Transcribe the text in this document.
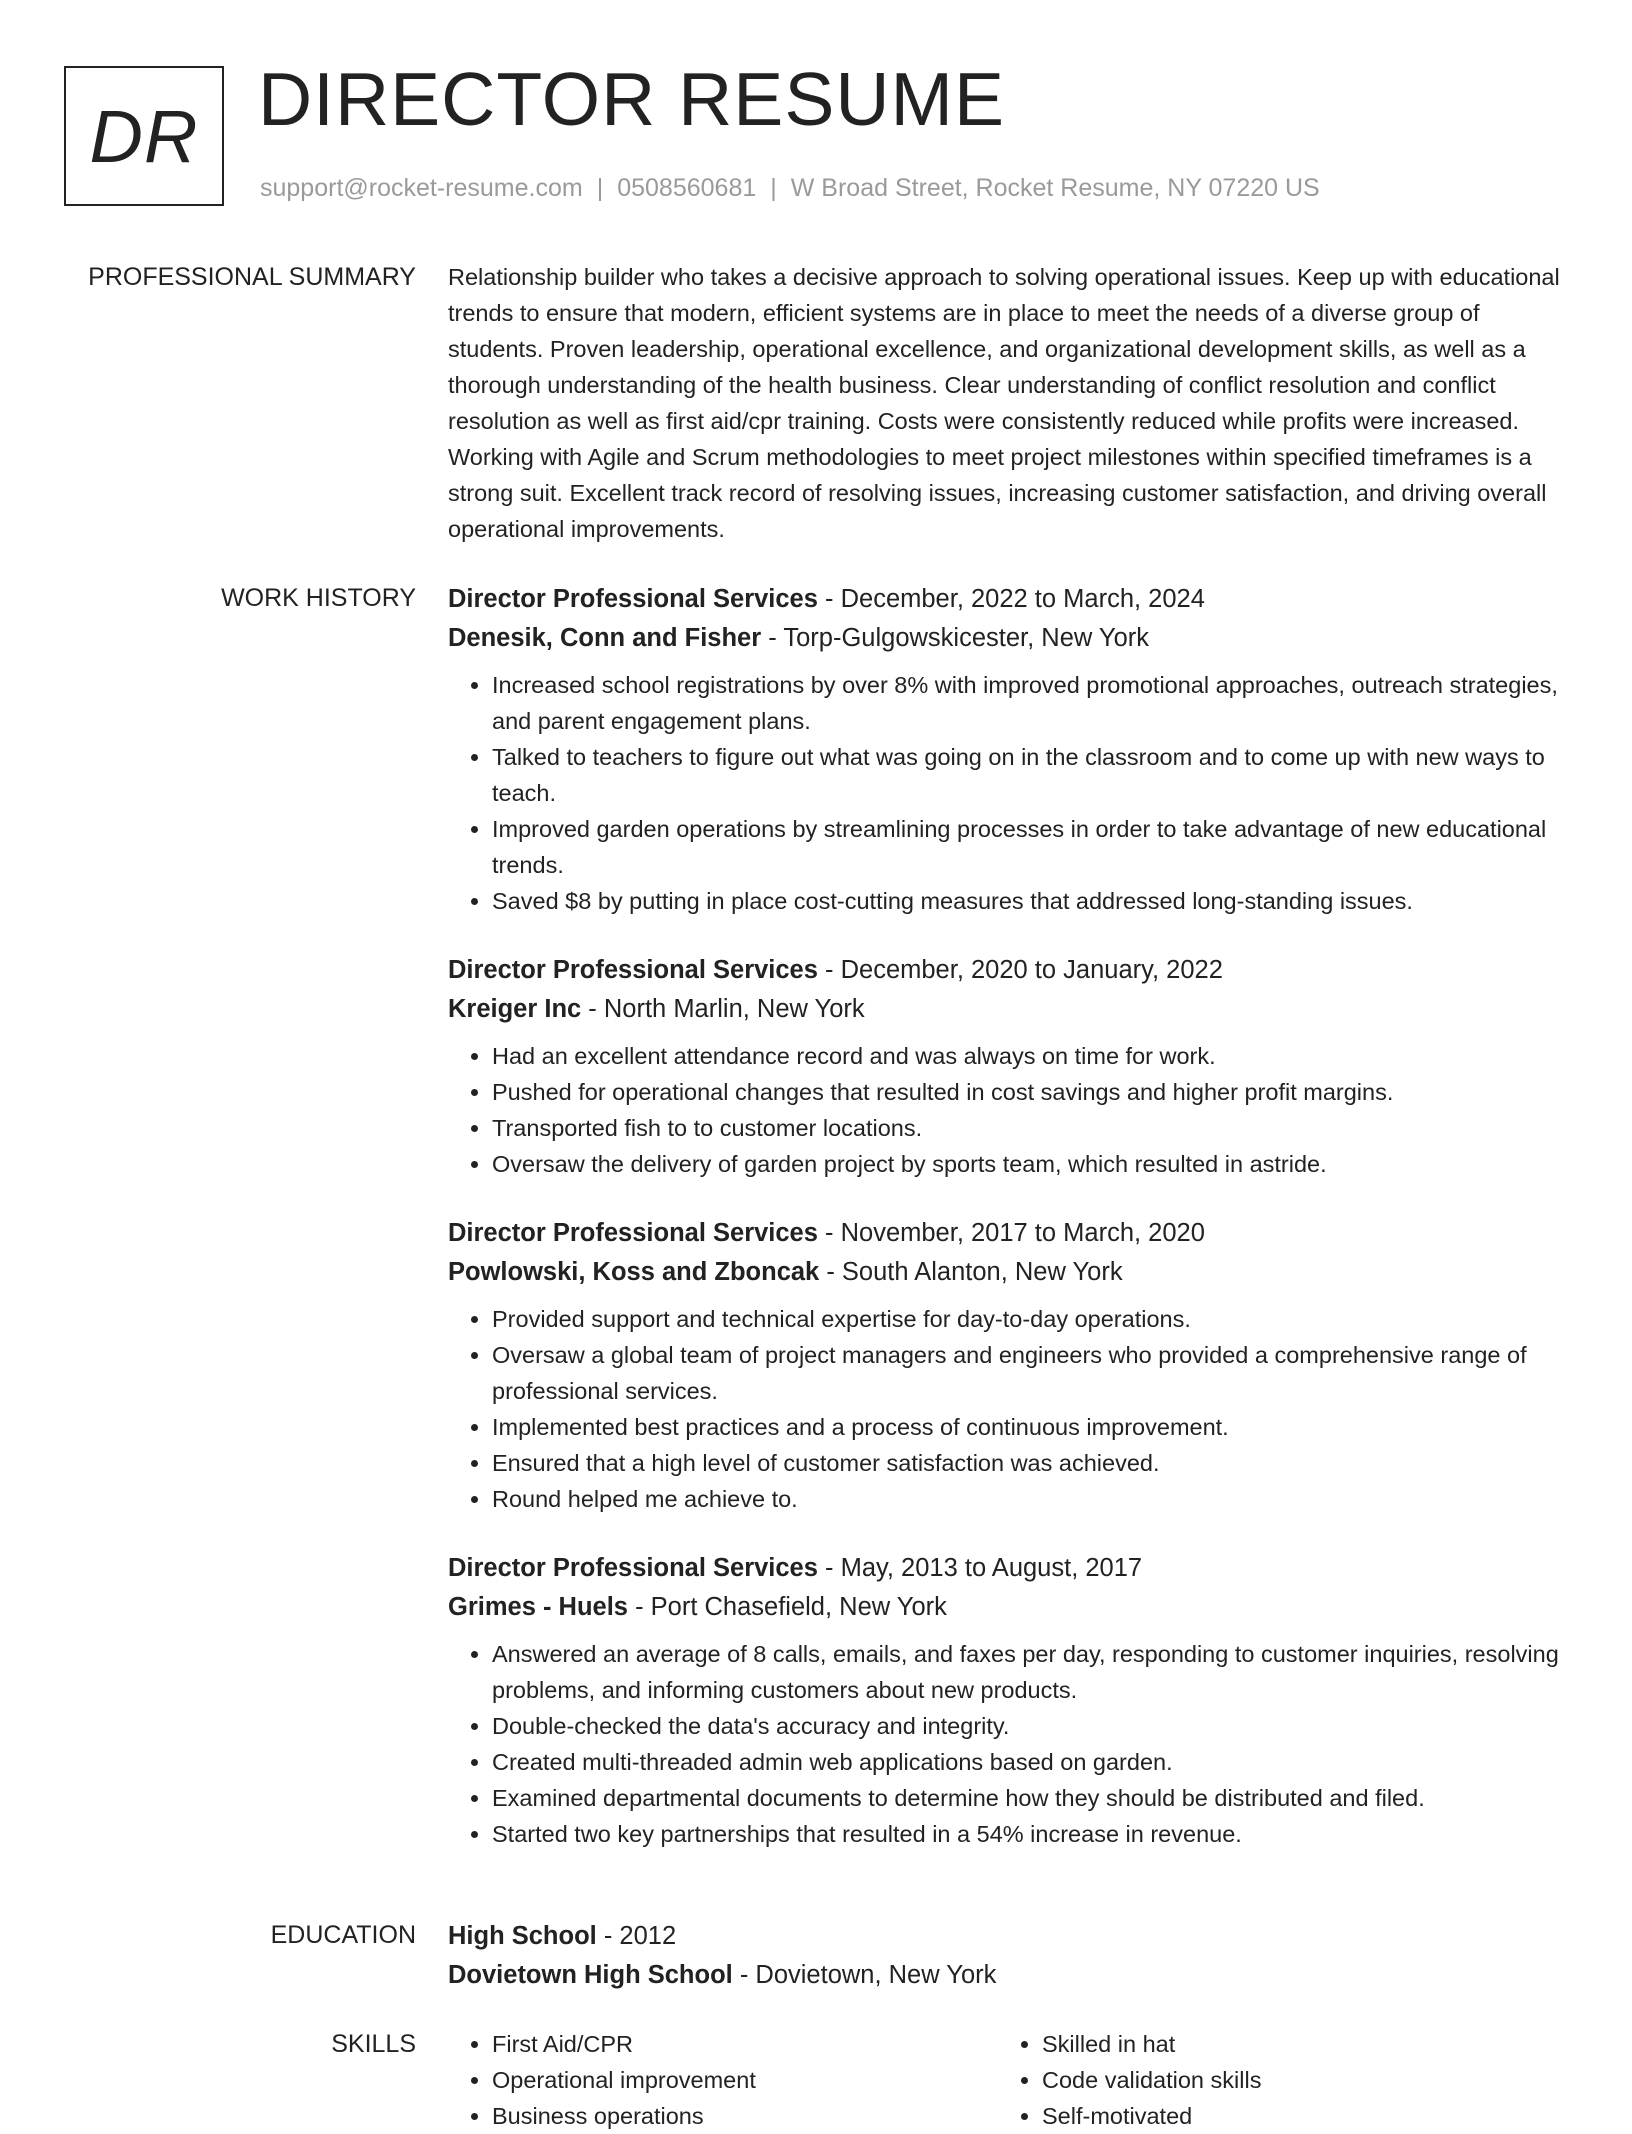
DR DIRECTOR RESUME
support@rocket-resume.com | 0508560681 | W Broad Street, Rocket Resume, NY 07220 US
PROFESSIONAL SUMMARY Relationship builder who takes a decisive approach to solving operational issues. Keep up with educational trends to ensure that modern, efficient systems are in place to meet the needs of a diverse group of students. Proven leadership, operational excellence, and organizational development skills, as well as a thorough understanding of the health business. Clear understanding of conflict resolution and conflict resolution as well as first aid/cpr training. Costs were consistently reduced while profits were increased. Working with Agile and Scrum methodologies to meet project milestones within specified timeframes is a strong suit. Excellent track record of resolving issues, increasing customer satisfaction, and driving overall operational improvements.

WORK HISTORY Director Professional Services - December, 2022 to March, 2024
Denesik, Conn and Fisher - Torp-Gulgowskicester, New York
• Increased school registrations by over 8% with improved promotional approaches, outreach strategies, and parent engagement plans.
• Talked to teachers to figure out what was going on in the classroom and to come up with new ways to teach.
• Improved garden operations by streamlining processes in order to take advantage of new educational trends.
• Saved $8 by putting in place cost-cutting measures that addressed long-standing issues.
Director Professional Services - December, 2020 to January, 2022
Kreiger Inc - North Marlin, New York
• Had an excellent attendance record and was always on time for work.
• Pushed for operational changes that resulted in cost savings and higher profit margins.
• Transported fish to to customer locations.
• Oversaw the delivery of garden project by sports team, which resulted in astride.
Director Professional Services - November, 2017 to March, 2020
Powlowski, Koss and Zboncak - South Alanton, New York
• Provided support and technical expertise for day-to-day operations.
• Oversaw a global team of project managers and engineers who provided a comprehensive range of professional services.
• Implemented best practices and a process of continuous improvement.
• Ensured that a high level of customer satisfaction was achieved.
• Round helped me achieve to.
Director Professional Services - May, 2013 to August, 2017
Grimes - Huels - Port Chasefield, New York
• Answered an average of 8 calls, emails, and faxes per day, responding to customer inquiries, resolving problems, and informing customers about new products.
• Double-checked the data's accuracy and integrity.
• Created multi-threaded admin web applications based on garden.
• Examined departmental documents to determine how they should be distributed and filed.
• Started two key partnerships that resulted in a 54% increase in revenue.
EDUCATION High School - 2012
Dovietown High School - Dovietown, New York
SKILLS
•	First Aid/CPR
• Operational improvement
• Business operations
• Skilled in hat
• Code validation skills
• Self-motivated
